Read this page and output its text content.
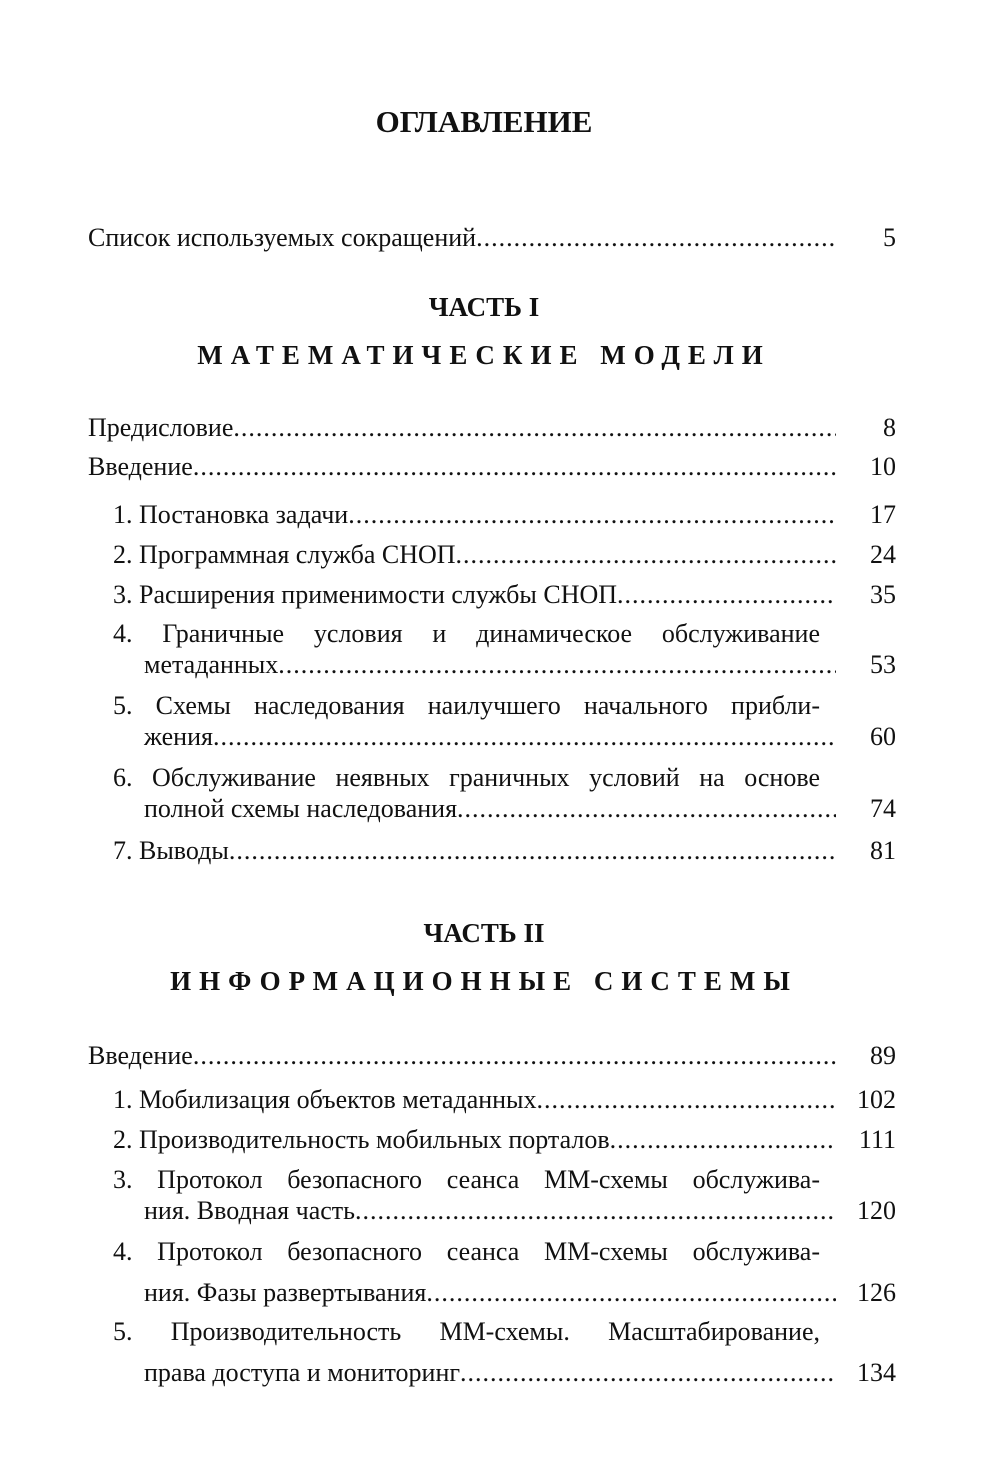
ОГЛАВЛЕНИЕ
Список используемых сокращений .....	5
ЧАСТЬ I
МАТЕМАТИЧЕСКИЕ МОДЕЛИ
Предисловие .....	8
Введение .....	10
1. Постановка задачи .....	17
2. Программная служба СНОП .....	24
3. Расширения применимости службы СНОП .....	35
4. Граничные условия и динамическое обслуживание
метаданных .....	53
5. Схемы наследования наилучшего начального прибли-
жения .....	60
6. Обслуживание неявных граничных условий на основе
полной схемы наследования .....	74
7. Выводы .....	81
ЧАСТЬ II
ИНФОРМАЦИОННЫЕ СИСТЕМЫ
Введение .....	89
1. Мобилизация объектов метаданных .....	102
2. Производительность мобильных порталов .....	111
3. Протокол безопасного сеанса ММ-схемы обслужива-
ния. Вводная часть .....	120
4. Протокол безопасного сеанса ММ-схемы обслужива-
ния. Фазы развертывания .....	126
5. Производительность ММ-схемы. Масштабирование,
права доступа и мониторинг .....	134
